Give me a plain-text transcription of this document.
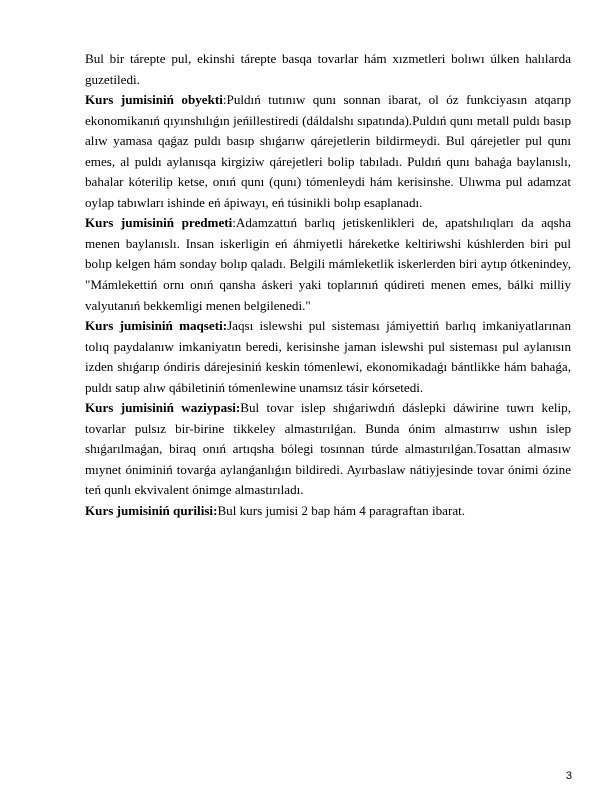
Bul bir tárepte pul, ekinshi tárepte basqa tovarlar hám xızmetleri bolıwı úlken halılarda guzetiledi.

Kurs jumisiniń obyekti:Puldıń tutınıw qunı sonnan ibarat, ol óz funkciyasın atqarıp ekonomikanıń qıyınshılıǵın jeńillestiredi (dáldalshı sıpatında).Puldıń qunı metall puldı basıp alıw yamasa qaǵaz puldı basıp shıǵarıw qárejetlerin bildirmeydi. Bul qárejetler pul qunı emes, al puldı aylanısqa kirgiziw qárejetleri bolip tabıladı. Puldıń qunı bahaǵa baylanıslı, bahalar kóterilip ketse, onıń qunı (qunı) tómenleydi hám kerisinshe. Ulıwma pul adamzat oylap tabıwları ishinde eń ápiwayı, eń túsinikli bolıp esaplanadı.

Kurs jumisiniń predmeti:Adamzattıń barlıq jetiskenlikleri de, apatshılıqları da aqsha menen baylanıslı. Insan iskerligin eń áhmiyetli háreketke keltiriwshi kúshlerden biri pul bolıp kelgen hám sonday bolıp qaladı. Belgili mámleketlik iskerlerden biri aytıp ótkenindey, "Mámlekettiń ornı onıń qansha áskeri yaki toplarınıń qúdireti menen emes, bálki milliy valyutanıń bekkemligi menen belgilenedi."

Kurs jumisiniń maqseti:Jaqsı islewshi pul sisteması jámiyettiń barlıq imkaniyatlarınan tolıq paydalanıw imkaniyatın beredi, kerisinshe jaman islewshi pul sisteması pul aylanısın izden shıǵarıp óndiris dárejesiniń keskin tómenlewi, ekonomikadaǵı bántlikke hám bahaǵa, puldı satıp alıw qábiletiniń tómenlewine unamsız tásir kórsetedi.

Kurs jumisiniń waziypasi:Bul tovar islep shıǵariwdıń dáslepki dáwirine tuwrı kelip, tovarlar pulsız bir-birine tikkeley almastırılǵan. Bunda ónim almastırıw ushın islep shıǵarılmaǵan, biraq onıń artıqsha bólegi tosınnan túrde almastırılǵan.Tosattan almasıw mıynet óniminiń tovarǵa aylanǵanlıǵın bildiredi. Ayırbaslaw nátiyjesinde tovar ónimi ózine teń qunlı ekvivalent ónimge almastırıladı.

Kurs jumisiniń qurilisi:Bul kurs jumisi 2 bap hám 4 paragraftan ibarat.

3
